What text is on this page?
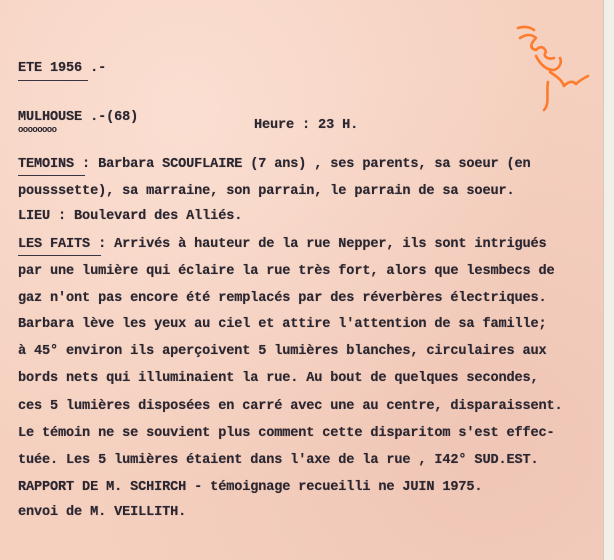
ETE 1956 .-
MULHOUSE .-(68)
oooooooo	Heure : 23 H.
TEMOINS : Barbara SCOUFLAIRE (7 ans) , ses parents, sa soeur (en
pousssette), sa marraine, son parrain, le parrain de sa soeur.
LIEU : Boulevard des Alliés.
LES FAITS : Arrivés à hauteur de la rue Nepper, ils sont intrigués
par une lumière qui éclaire la rue très fort, alors que lesmbecs de
gaz n'ont pas encore été remplacés par des réverbères électriques.
Barbara lève les yeux au ciel et attire l'attention de sa famille;
à 45° environ ils aperçoivent 5 lumières blanches, circulaires aux
bords nets qui illuminaient la rue. Au bout de quelques secondes,
ces 5 lumières disposées en carré avec une au centre, disparaissent.
Le témoin ne se souvient plus comment cette disparitom s'est effec-
tuée. Les 5 lumières étaient dans l'axe de la rue , I42° SUD.EST.
RAPPORT DE M. SCHIRCH - témoignage recueilli ne JUIN 1975.
envoi de M. VEILLITH.
